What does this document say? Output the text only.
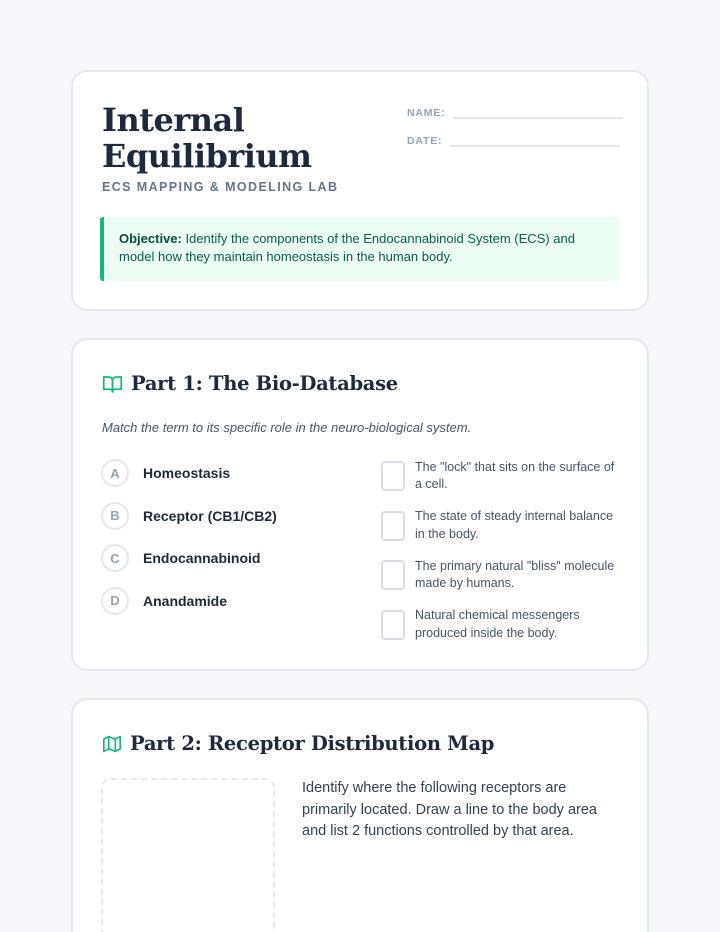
Internal Equilibrium
ECS MAPPING & MODELING LAB
NAME:
DATE:
Objective: Identify the components of the Endocannabinoid System (ECS) and model how they maintain homeostasis in the human body.
Part 1: The Bio-Database
Match the term to its specific role in the neuro-biological system.
A	Homeostasis
B	Receptor (CB1/CB2)
C	Endocannabinoid
D	Anandamide
The "lock" that sits on the surface of a cell.
The state of steady internal balance in the body.
The primary natural "bliss" molecule made by humans.
Natural chemical messengers produced inside the body.
Part 2: Receptor Distribution Map
Identify where the following receptors are primarily located. Draw a line to the body area and list 2 functions controlled by that area.
